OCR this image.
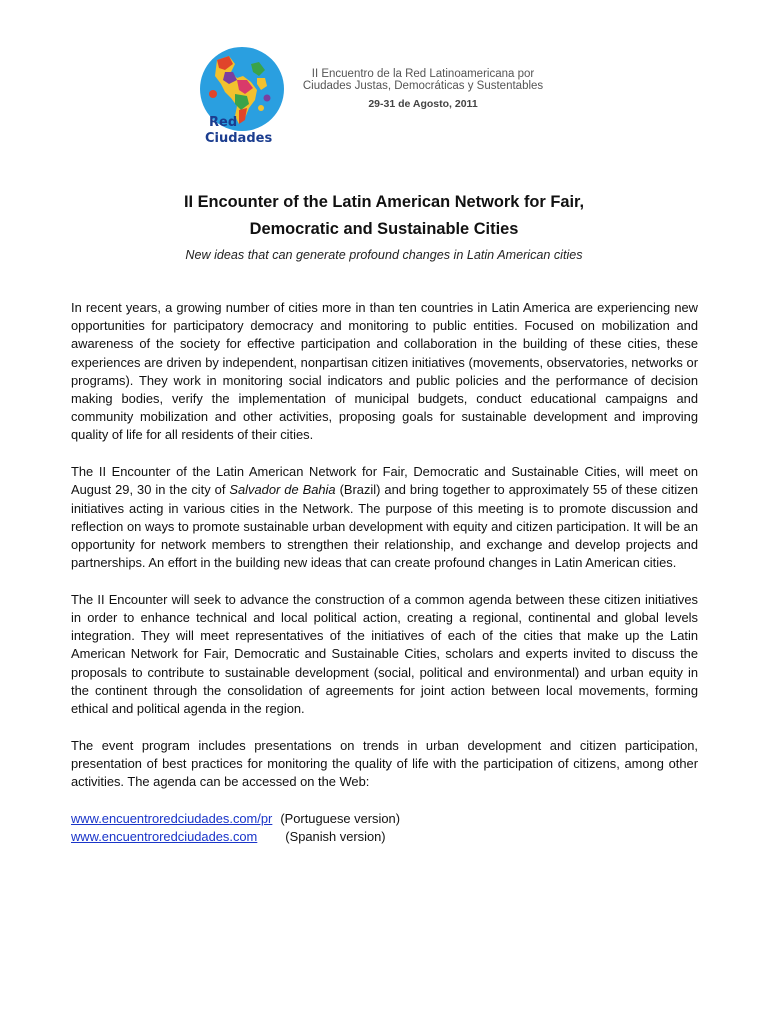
Red
Ciudades
II Encuentro de la Red Latinoamericana por
Ciudades Justas, Democráticas y Sustentables
29-31 de Agosto, 2011
II Encounter of the Latin American Network for Fair,
Democratic and Sustainable Cities
New ideas that can generate profound changes in Latin American cities

In recent years, a growing number of cities more in than ten countries in Latin America are experiencing new opportunities for participatory democracy and monitoring to public entities. Focused on mobilization and awareness of the society for effective participation and collaboration in the building of these cities, these experiences are driven by independent, nonpartisan citizen initiatives (movements, observatories, networks or programs). They work in monitoring social indicators and public policies and the performance of decision making bodies, verify the implementation of municipal budgets, conduct educational campaigns and community mobilization and other activities, proposing goals for sustainable development and improving quality of life for all residents of their cities.

The II Encounter of the Latin American Network for Fair, Democratic and Sustainable Cities, will meet on August 29, 30 in the city of Salvador de Bahia (Brazil) and bring together to approximately 55 of these citizen initiatives acting in various cities in the Network. The purpose of this meeting is to promote discussion and reflection on ways to promote sustainable urban development with equity and citizen participation. It will be an opportunity for network members to strengthen their relationship, and exchange and develop projects and partnerships. An effort in the building new ideas that can create profound changes in Latin American cities.

The II Encounter will seek to advance the construction of a common agenda between these citizen initiatives in order to enhance technical and local political action, creating a regional, continental and global levels integration. They will meet representatives of the initiatives of each of the cities that make up the Latin American Network for Fair, Democratic and Sustainable Cities, scholars and experts invited to discuss the proposals to contribute to sustainable development (social, political and environmental) and urban equity in the continent through the consolidation of agreements for joint action between local movements, forming ethical and political agenda in the region.

The event program includes presentations on trends in urban development and citizen participation, presentation of best practices for monitoring the quality of life with the participation of citizens, among other activities. The agenda can be accessed on the Web:

www.encuentroredciudades.com/pr (Portuguese version)
www.encuentroredciudades.com (Spanish version)
